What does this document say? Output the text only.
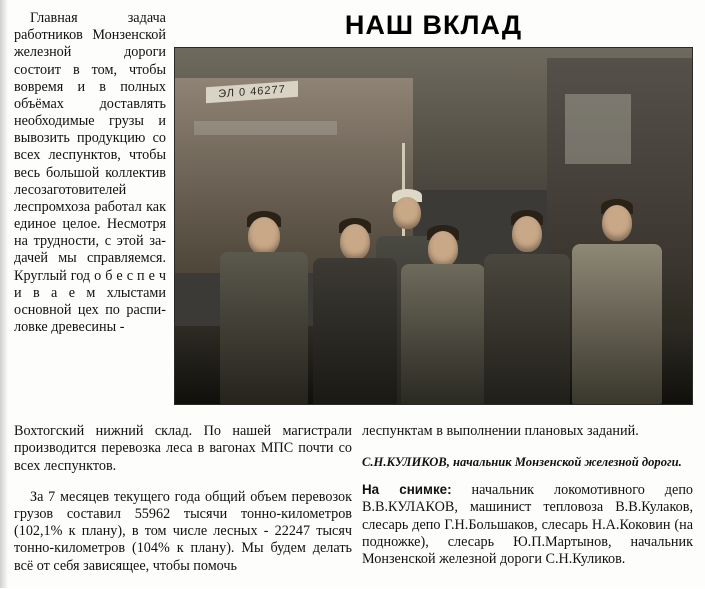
Главная задача работников Монзенской железной дороги состоит в том, чтобы вовремя и в полных объёмах доставлять необходимые грузы и вывозить продукцию со всех леспунктов, чтобы весь большой коллектив лесозаготовителей леспромхоза работал как единое целое. Несмотря на трудности, с этой задачей мы справляемся. Круглый год о б е с п е ч и в а е м хлыстами основной цех по распиловке древесины -
НАШ ВКЛАД
ЭЛ 0 46277

Вохтогский нижний склад. По нашей магистрали производится перевозка леса в вагонах МПС почти со всех леспунктов.

За 7 месяцев текущего года общий объем перевозок грузов составил 55962 тысячи тонно-километров (102,1% к плану), в том числе лесных - 22247 тысяч тонно-километров (104% к плану). Мы будем делать всё от себя зависящее, чтобы помочь

леспунктам в выполнении плановых заданий.

С.Н.КУЛИКОВ, начальник Монзенской железной дороги.

На снимке: начальник локомотивного депо В.В.КУЛАКОВ, машинист тепловоза В.В.Кулаков, слесарь депо Г.Н.Большаков, слесарь Н.А.Коковин (на подножке), слесарь Ю.П.Мартынов, начальник Монзенской железной дороги С.Н.Куликов.
